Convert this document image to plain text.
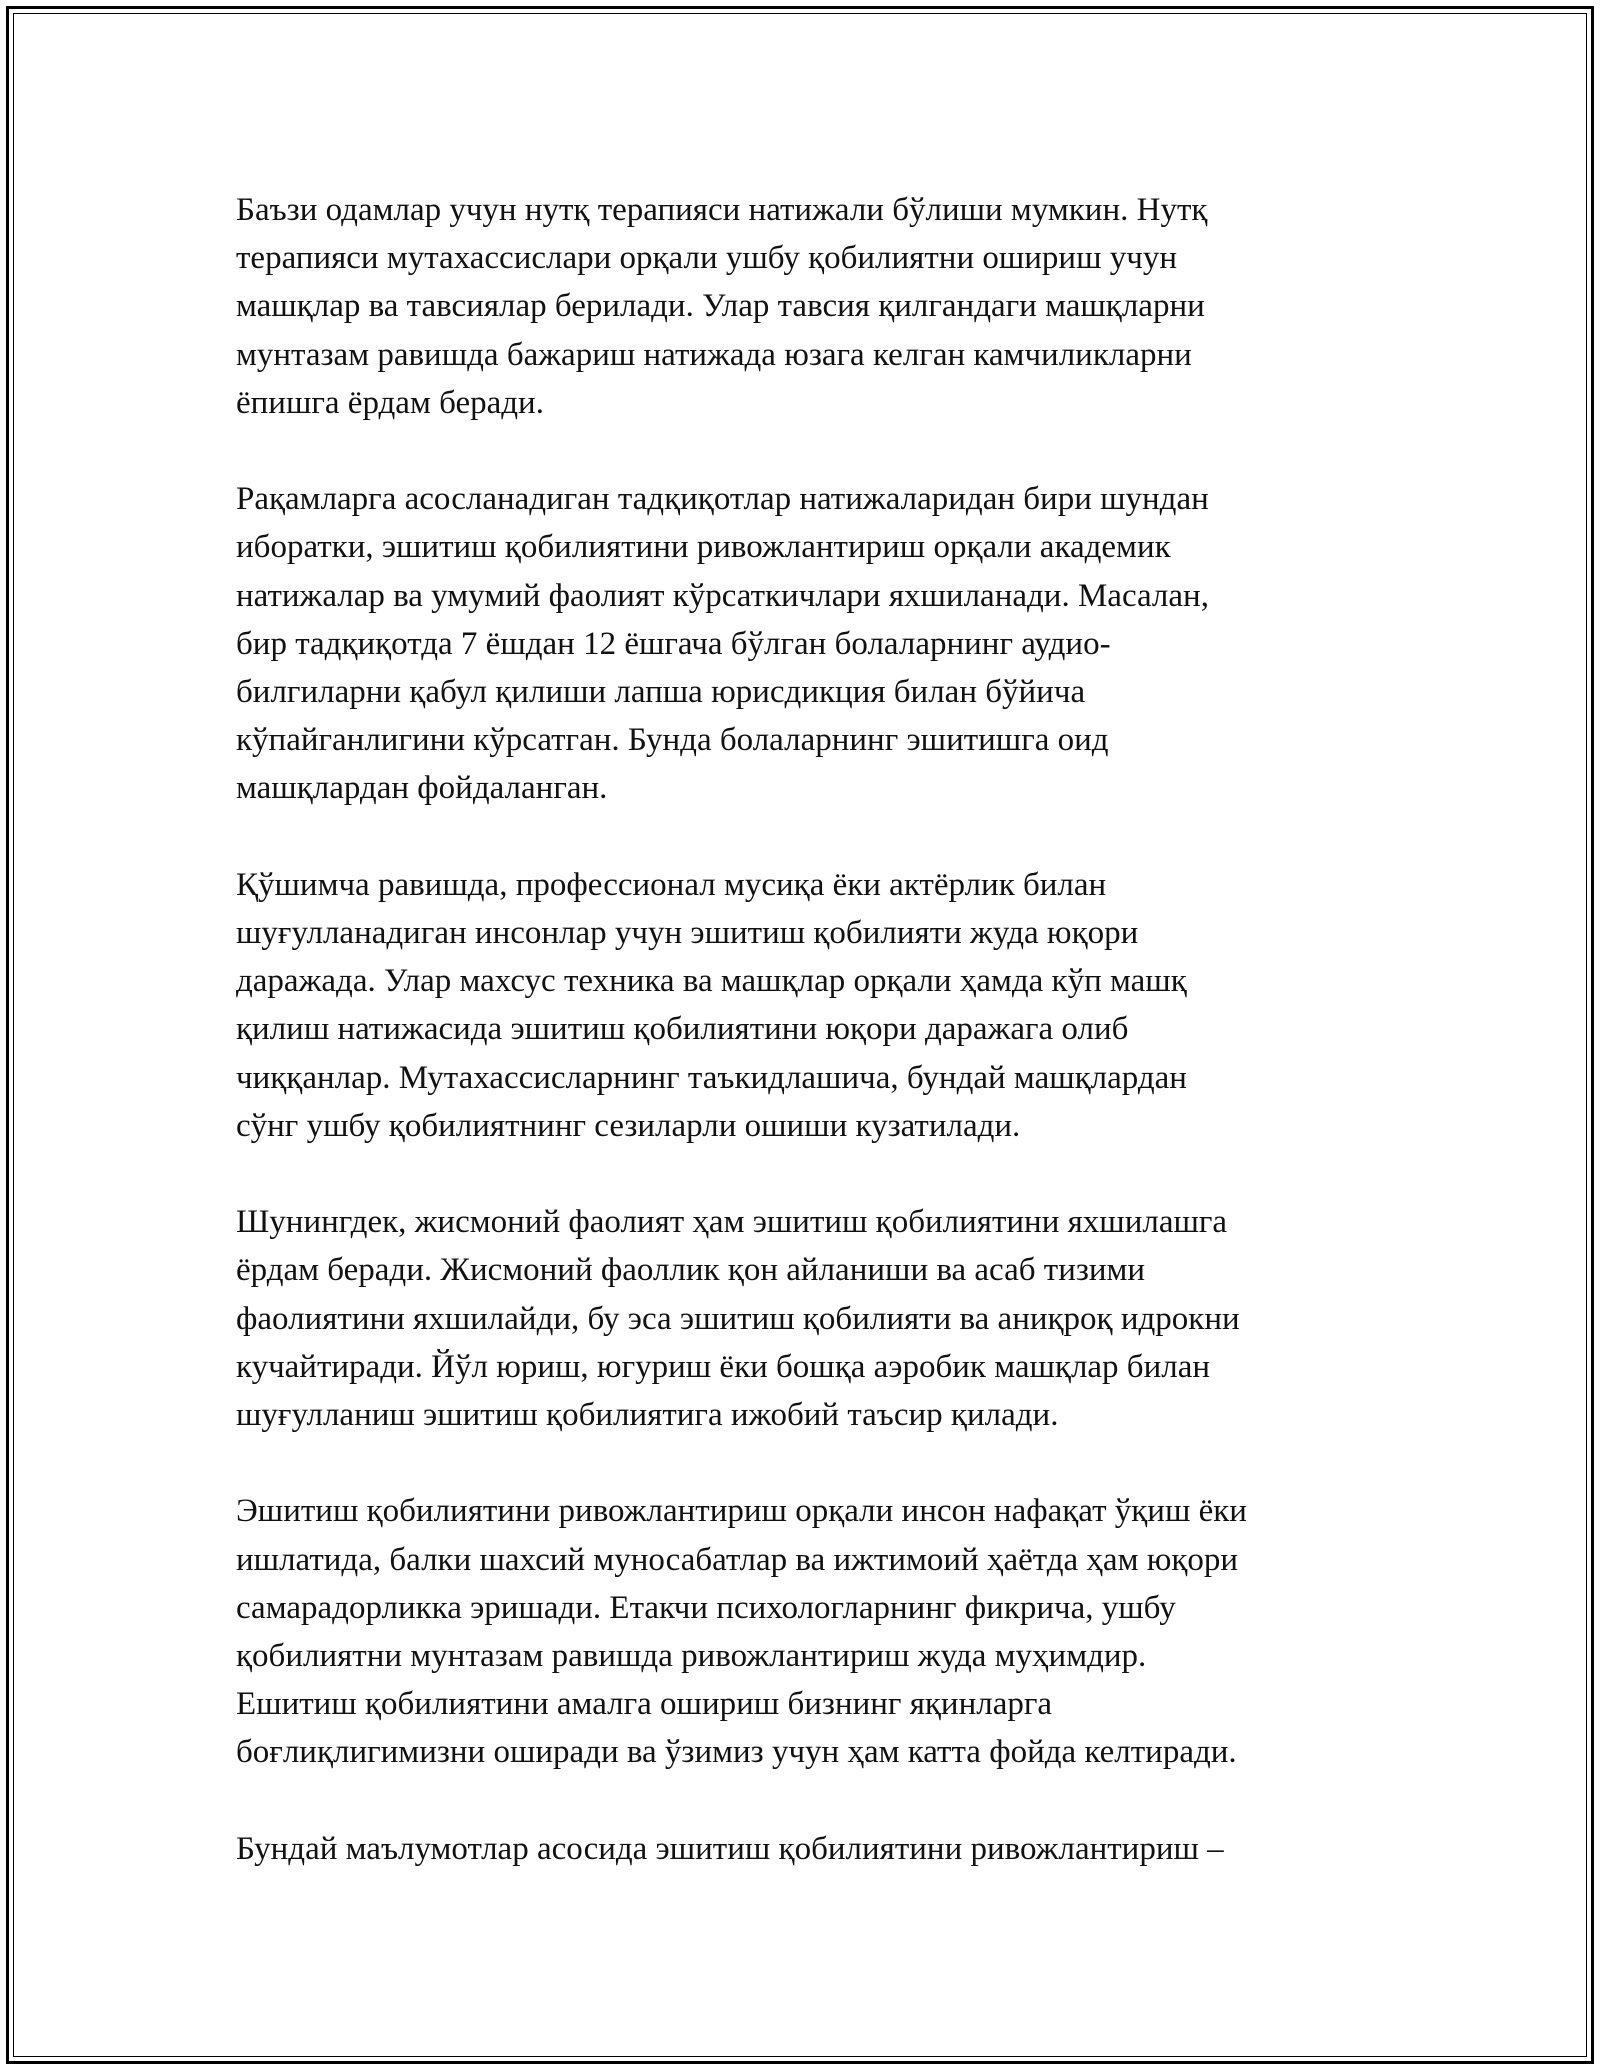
Баъзи одамлар учун нутқ терапияси натижали бўлиши мумкин. Нутқ
терапияси мутахассислари орқали ушбу қобилиятни ошириш учун
машқлар ва тавсиялар берилади. Улар тавсия қилгандаги машқларни
мунтазам равишда бажариш натижада юзага келган камчиликларни
ёпишга ёрдам беради.

Рақамларга асосланадиган тадқиқотлар натижаларидан бири шундан
иборатки, эшитиш қобилиятини ривожлантириш орқали академик
натижалар ва умумий фаолият кўрсаткичлари яхшиланади. Масалан,
бир тадқиқотда 7 ёшдан 12 ёшгача бўлган болаларнинг аудио-
билгиларни қабул қилиши лапша юрисдикция билан бўйича
кўпайганлигини кўрсатган. Бунда болаларнинг эшитишга оид
машқлардан фойдаланган.

Қўшимча равишда, профессионал мусиқа ёки актёрлик билан
шуғулланадиган инсонлар учун эшитиш қобилияти жуда юқори
даражада. Улар махсус техника ва машқлар орқали ҳамда кўп машқ
қилиш натижасида эшитиш қобилиятини юқори даражага олиб
чиққанлар. Мутахассисларнинг таъкидлашича, бундай машқлардан
сўнг ушбу қобилиятнинг сезиларли ошиши кузатилади.

Шунингдек, жисмоний фаолият ҳам эшитиш қобилиятини яхшилашга
ёрдам беради. Жисмоний фаоллик қон айланиши ва асаб тизими
фаолиятини яхшилайди, бу эса эшитиш қобилияти ва аниқроқ идрокни
кучайтиради. Йўл юриш, югуриш ёки бошқа аэробик машқлар билан
шуғулланиш эшитиш қобилиятига ижобий таъсир қилади.

Эшитиш қобилиятини ривожлантириш орқали инсон нафақат ўқиш ёки
ишлатида, балки шахсий муносабатлар ва ижтимоий ҳаётда ҳам юқори
самарадорликка эришади. Етакчи психологларнинг фикрича, ушбу
қобилиятни мунтазам равишда ривожлантириш жуда муҳимдир.
Ешитиш қобилиятини амалга ошириш бизнинг яқинларга
боғлиқлигимизни оширади ва ўзимиз учун ҳам катта фойда келтиради.

Бундай маълумотлар асосида эшитиш қобилиятини ривожлантириш –
